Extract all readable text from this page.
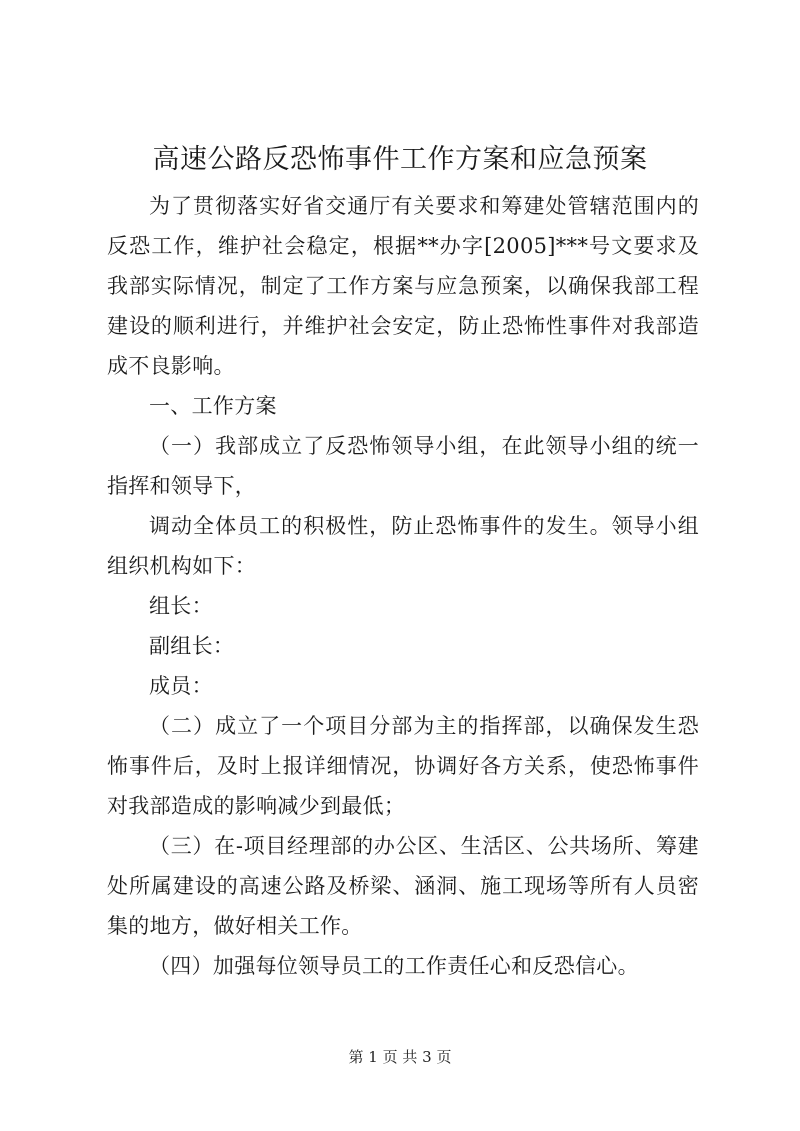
高速公路反恐怖事件工作方案和应急预案

为了贯彻落实好省交通厅有关要求和筹建处管辖范围内的反恐工作，维护社会稳定，根据**办字[2005]***号文要求及我部实际情况，制定了工作方案与应急预案，以确保我部工程建设的顺利进行，并维护社会安定，防止恐怖性事件对我部造成不良影响。

一、工作方案

（一）我部成立了反恐怖领导小组，在此领导小组的统一指挥和领导下，

调动全体员工的积极性，防止恐怖事件的发生。领导小组组织机构如下：

组长：

副组长：

成员：

（二）成立了一个项目分部为主的指挥部，以确保发生恐怖事件后，及时上报详细情况，协调好各方关系，使恐怖事件对我部造成的影响减少到最低；

（三）在-项目经理部的办公区、生活区、公共场所、筹建处所属建设的高速公路及桥梁、涵洞、施工现场等所有人员密集的地方，做好相关工作。

（四）加强每位领导员工的工作责任心和反恐信心。

第 1 页 共 3 页
